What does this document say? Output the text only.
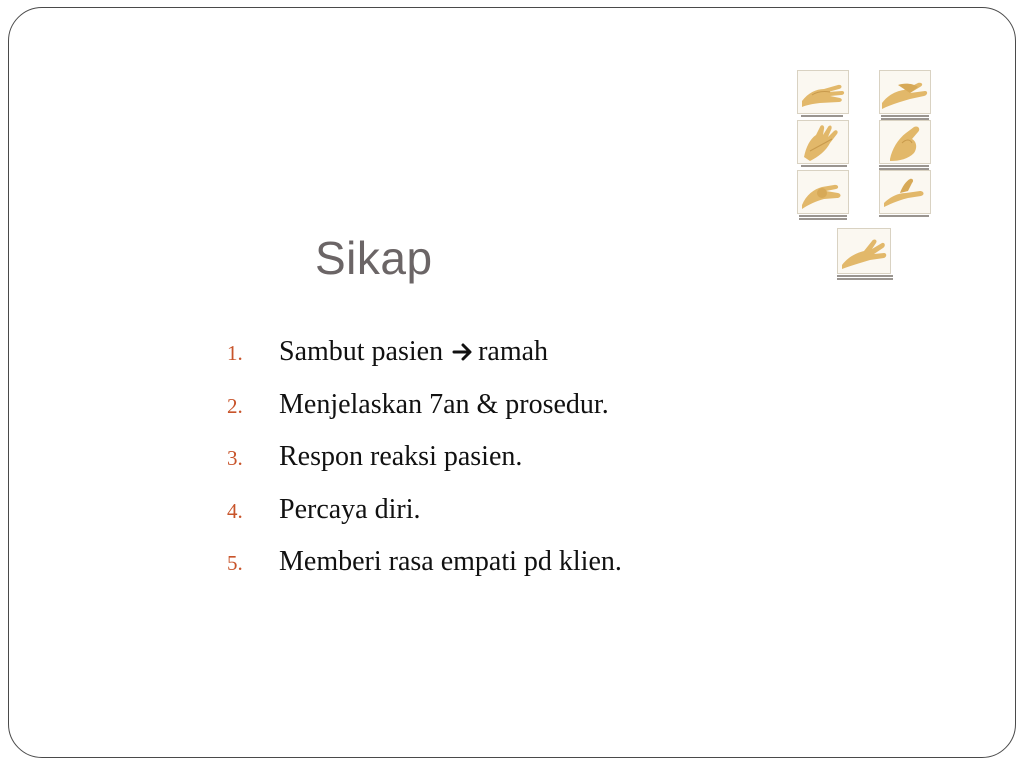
Sikap
1.	Sambut pasien ramah
2.	Menjelaskan 7an & prosedur.
3.	Respon reaksi pasien.
4.	Percaya diri.
5.	Memberi rasa empati pd klien.
